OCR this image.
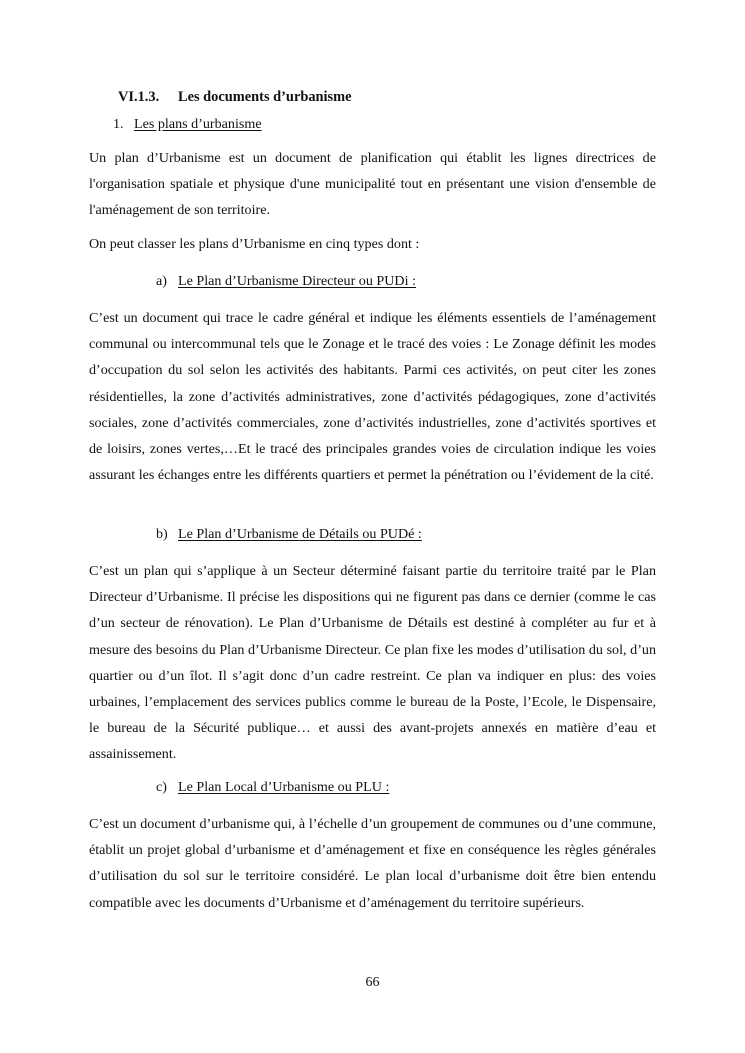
VI.1.3. Les documents d’urbanisme
1. Les plans d’urbanisme

Un plan d’Urbanisme est un document de planification qui établit les lignes directrices de l'organisation spatiale et physique d'une municipalité tout en présentant une vision d'ensemble de l'aménagement de son territoire.

On peut classer les plans d’Urbanisme en cinq types dont :

a) Le Plan d’Urbanisme Directeur ou PUDi :

C’est un document qui trace le cadre général et indique les éléments essentiels de l’aménagement communal ou intercommunal tels que le Zonage et le tracé des voies : Le Zonage définit les modes d’occupation du sol selon les activités des habitants. Parmi ces activités, on peut citer les zones résidentielles, la zone d’activités administratives, zone d’activités pédagogiques, zone d’activités sociales, zone d’activités commerciales, zone d’activités industrielles, zone d’activités sportives et de loisirs, zones vertes,…Et le tracé des principales grandes voies de circulation indique les voies assurant les échanges entre les différents quartiers et permet la pénétration ou l’évidement de la cité.

b) Le Plan d’Urbanisme de Détails ou PUDé :

C’est un plan qui s’applique à un Secteur déterminé faisant partie du territoire traité par le Plan Directeur d’Urbanisme. Il précise les dispositions qui ne figurent pas dans ce dernier (comme le cas d’un secteur de rénovation). Le Plan d’Urbanisme de Détails est destiné à compléter au fur et à mesure des besoins du Plan d’Urbanisme Directeur. Ce plan fixe les modes d’utilisation du sol, d’un quartier ou d’un îlot. Il s’agit donc d’un cadre restreint. Ce plan va indiquer en plus: des voies urbaines, l’emplacement des services publics comme le bureau de la Poste, l’Ecole, le Dispensaire, le bureau de la Sécurité publique… et aussi des avant-projets annexés en matière d’eau et assainissement.

c) Le Plan Local d’Urbanisme ou PLU :

C’est un document d’urbanisme qui, à l’échelle d’un groupement de communes ou d’une commune, établit un projet global d’urbanisme et d’aménagement et fixe en conséquence les règles générales d’utilisation du sol sur le territoire considéré. Le plan local d’urbanisme doit être bien entendu compatible avec les documents d’Urbanisme et d’aménagement du territoire supérieurs.

66
